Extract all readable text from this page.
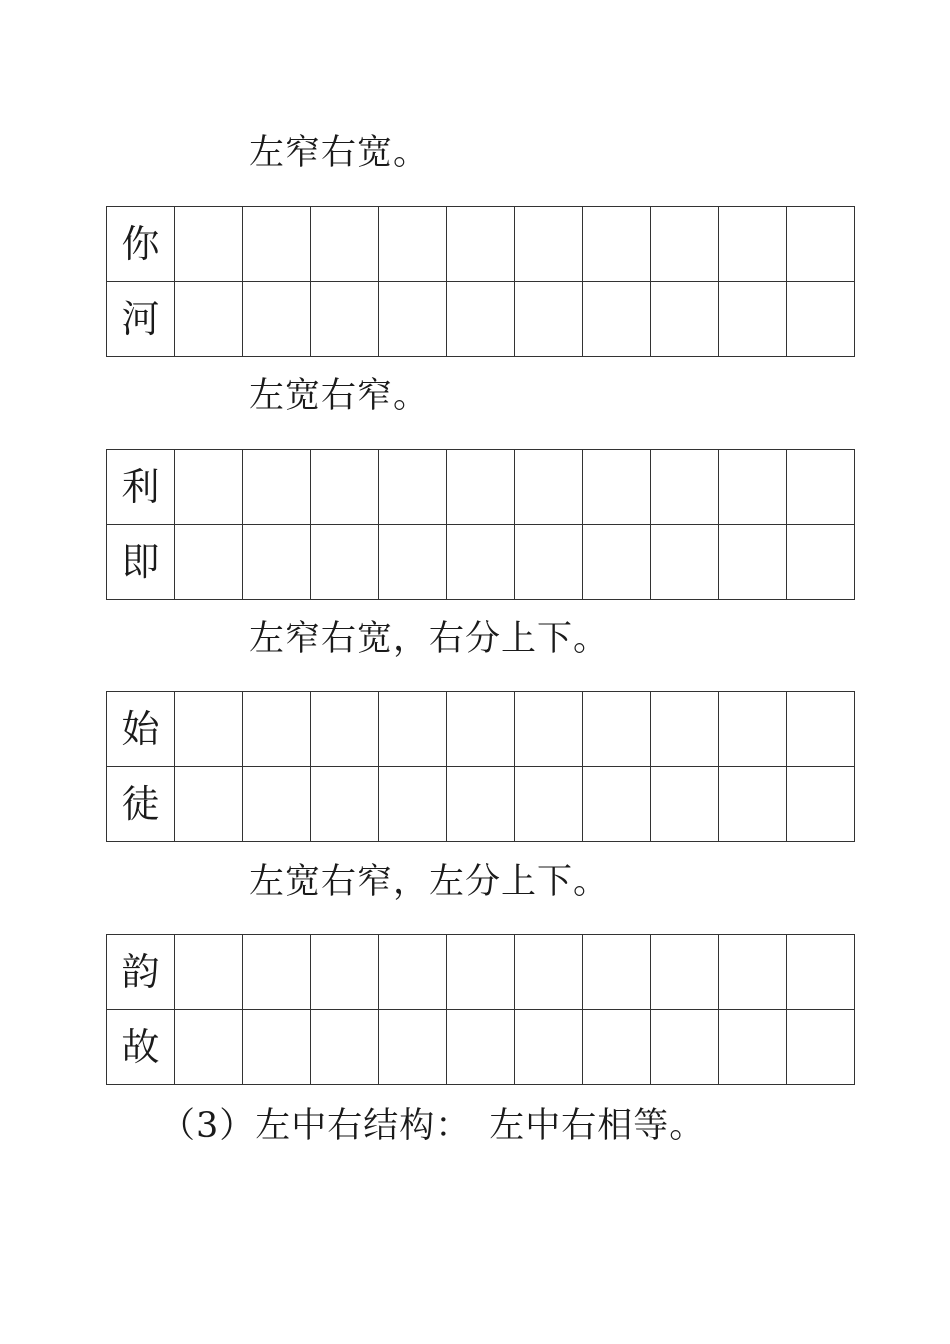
左窄右宽。
你										
河										
左宽右窄。
利										
即										
左窄右宽，右分上下。
始										
徒										
左宽右窄，左分上下。
韵										
故										
（3）左中右结构： 左中右相等。
